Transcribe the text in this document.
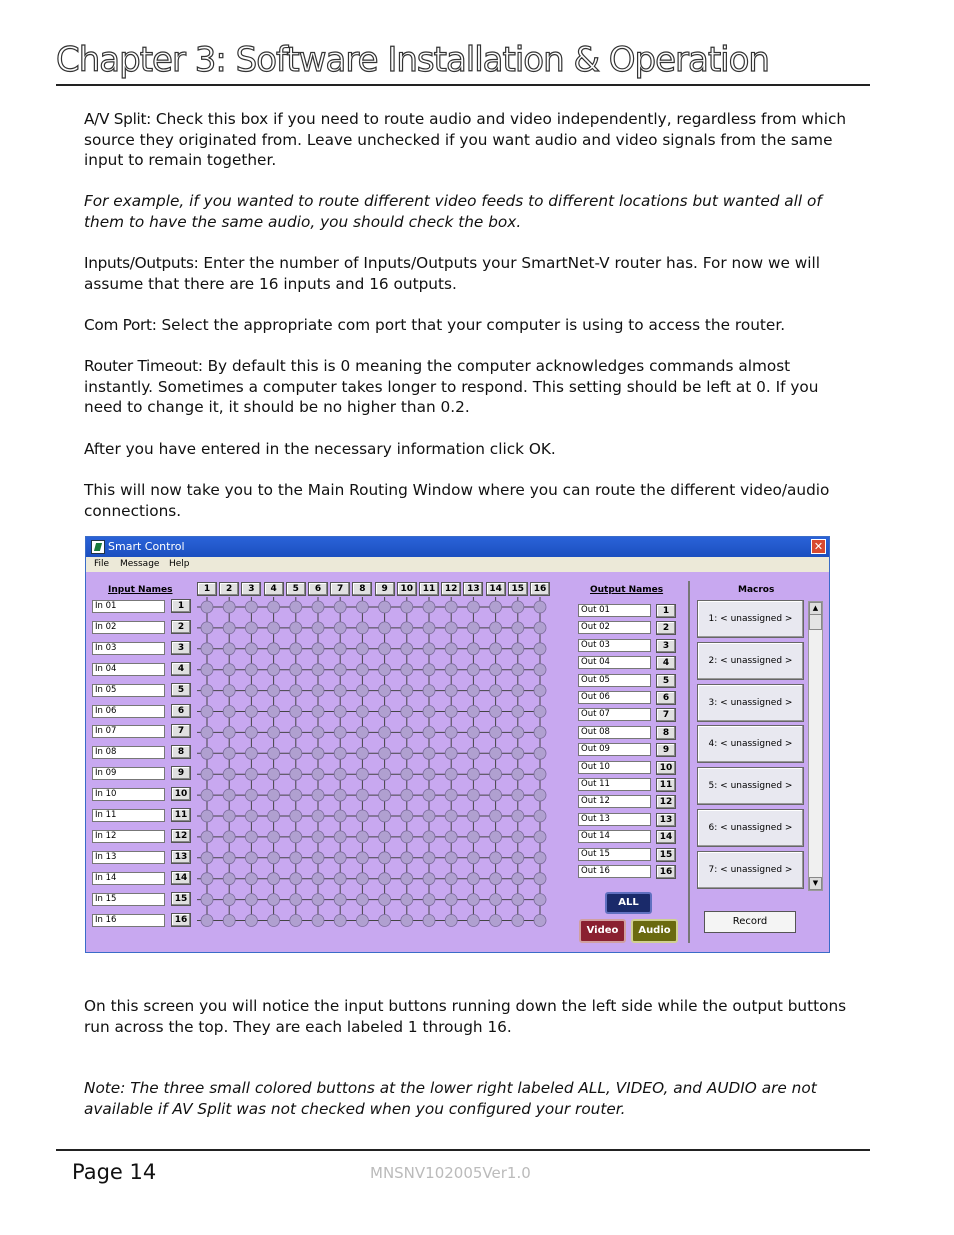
Chapter 3: Software Installation & Operation
A/V Split: Check this box if you need to route audio and video independently, regardless from which source they originated from. Leave unchecked if you want audio and video signals from the same input to remain together.
For example, if you wanted to route different video feeds to different locations but wanted all of them to have the same audio, you should check the box.
Inputs/Outputs: Enter the number of Inputs/Outputs your SmartNet-V router has. For now we will assume that there are 16 inputs and 16 outputs.
Com Port: Select the appropriate com port that your computer is using to access the router.
Router Timeout: By default this is 0 meaning the computer acknowledges commands almost instantly. Sometimes a computer takes longer to respond. This setting should be left at 0. If you need to change it, it should be no higher than 0.2.
After you have entered in the necessary information click OK.
This will now take you to the Main Routing Window where you can route the different video/audio connections.
Smart Control	✕
File Message Help
Input Names	Output Names	Macros
In 01	1
In 02	2
In 03	3
In 04	4
In 05	5
In 06	6
In 07	7
In 08	8
In 09	9
In 10	10
In 11	11
In 12	12
In 13	13
In 14	14
In 15	15
In 16	16
1	2	3	4	5	6	7	8	9	10	11	12	13	14	15	16
Out 01	1
Out 02	2
Out 03	3
Out 04	4
Out 05	5
Out 06	6
Out 07	7
Out 08	8
Out 09	9
Out 10	10
Out 11	11
Out 12	12
Out 13	13
Out 14	14
Out 15	15
Out 16	16
1: < unassigned >
2: < unassigned >
3: < unassigned >
4: < unassigned >
5: < unassigned >
6: < unassigned >
7: < unassigned >
▲
▼
ALL
Video	Audio
Record
On this screen you will notice the input buttons running down the left side while the output buttons run across the top. They are each labeled 1 through 16.
Note: The three small colored buttons at the lower right labeled ALL, VIDEO, and AUDIO are not available if AV Split was not checked when you configured your router.
Page 14	MNSNV102005Ver1.0
